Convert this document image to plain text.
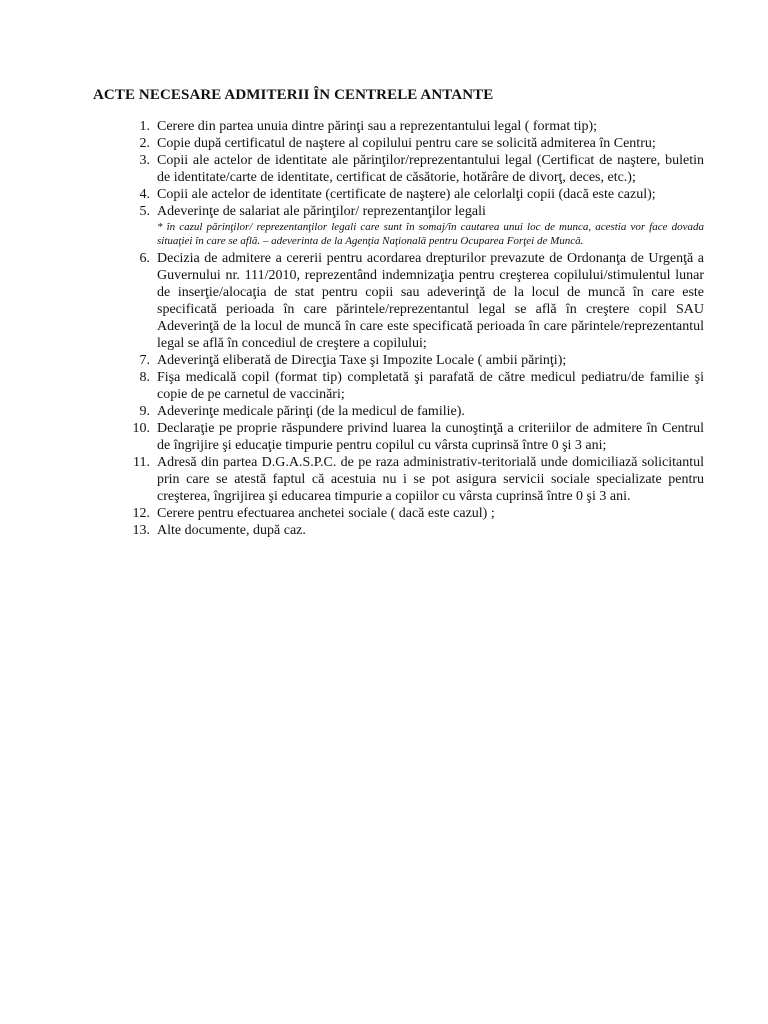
ACTE NECESARE ADMITERII ÎN CENTRELE ANTANTE
1. Cerere din partea unuia dintre părinţi sau a reprezentantului legal ( format tip);
2. Copie după certificatul de naştere al copilului pentru care se solicită admiterea în Centru;
3. Copii ale actelor de identitate ale părinţilor/reprezentantului legal (Certificat de naştere, buletin de identitate/carte de identitate, certificat de căsătorie, hotărâre de divorţ, deces, etc.);
4. Copii ale actelor de identitate (certificate de naştere) ale celorlalţi copii (dacă este cazul);
5. Adeverinţe de salariat ale părinţilor/ reprezentanţilor legali
* în cazul părinţilor/ reprezentanţilor legali care sunt în somaj/în cautarea unui loc de munca, acestia vor face dovada situaţiei în care se află. – adeverinta de la Agenţia Naţională pentru Ocuparea Forţei de Muncă.
6. Decizia de admitere a cererii pentru acordarea drepturilor prevazute de Ordonanţa de Urgenţă a Guvernului nr. 111/2010, reprezentând indemnizaţia pentru creşterea copilului/stimulentul lunar de inserţie/alocaţia de stat pentru copii sau adeverinţă de la locul de muncă în care este specificată perioada în care părintele/reprezentantul legal se află în creştere copil SAU Adeverinţă de la locul de muncă în care este specificată perioada în care părintele/reprezentantul legal se află în concediul de creştere a copilului;
7. Adeverinţă eliberată de Direcţia Taxe şi Impozite Locale ( ambii părinţi);
8. Fişa medicală copil (format tip) completată şi parafată de către medicul pediatru/de familie şi copie de pe carnetul de vaccinări;
9. Adeverinţe medicale părinţi (de la medicul de familie).
10. Declaraţie pe proprie răspundere privind luarea la cunoştinţă a criteriilor de admitere în Centrul de îngrijire şi educaţie timpurie pentru copilul cu vârsta cuprinsă între 0 şi 3 ani;
11. Adresă din partea D.G.A.S.P.C. de pe raza administrativ-teritorială unde domiciliază solicitantul prin care se atestă faptul că acestuia nu i se pot asigura servicii sociale specializate pentru creşterea, îngrijirea şi educarea timpurie a copiilor cu vârsta cuprinsă între 0 şi 3 ani.
12. Cerere pentru efectuarea anchetei sociale ( dacă este cazul) ;
13. Alte documente, după caz.
